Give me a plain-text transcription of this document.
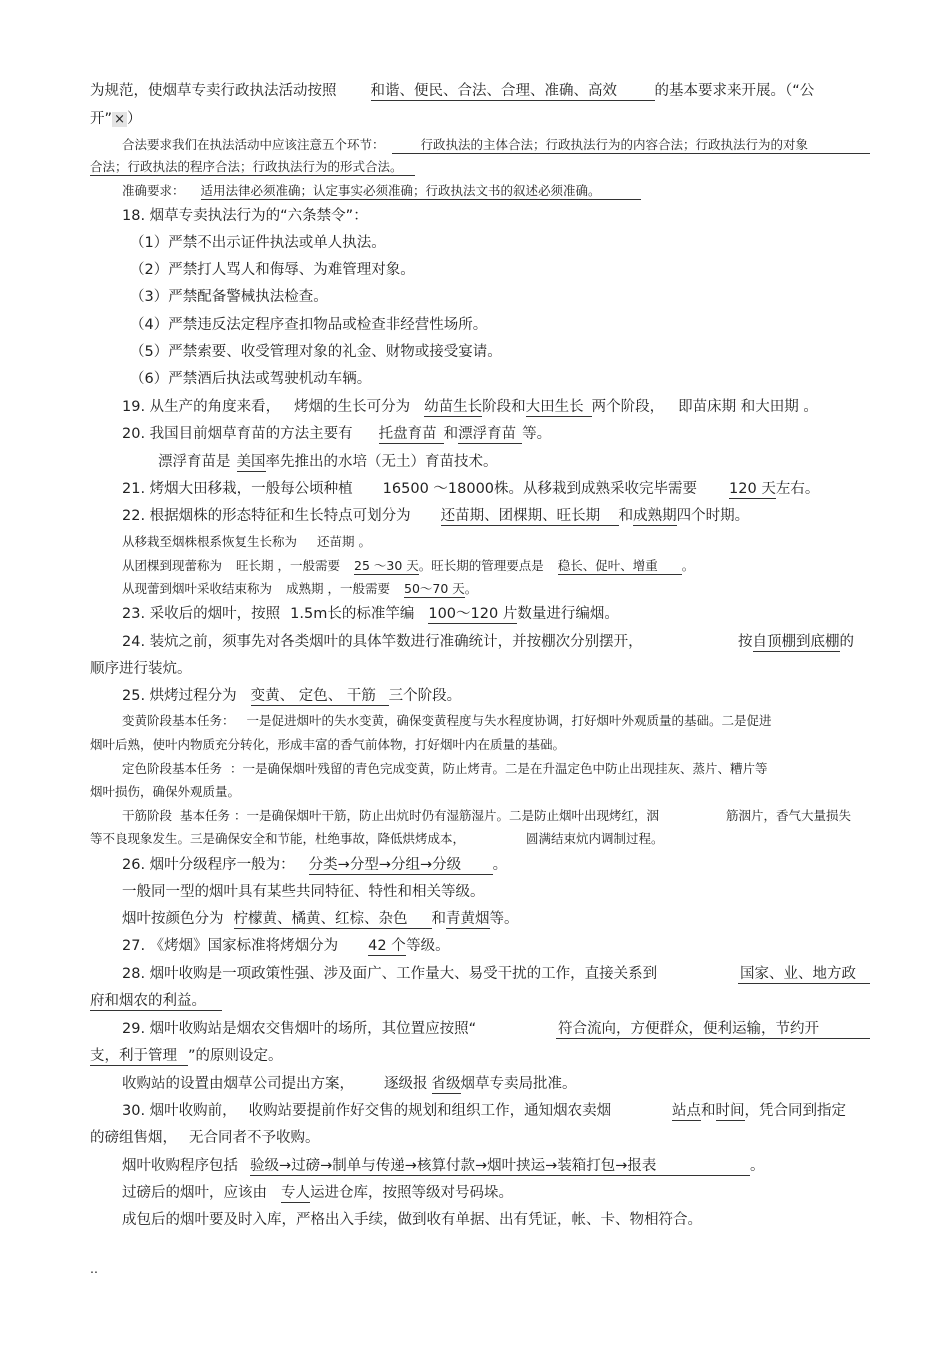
为规范，使烟草专卖行政执法活动按照 和谐、便民、合法、合理、准确、高效	的基本要求来开展。（“公
开” × ）
合法要求我们在执法活动中应该注意五个环节：	行政执法的主体合法；行政执法行为的内容合法；行政执法行为的对象
合法；行政执法的程序合法；行政执法行为的形式合法。
准确要求： 适用法律必须准确；认定事实必须准确；行政执法文书的叙述必须准确。
18. 烟草专卖执法行为的“六条禁令”：
（1）严禁不出示证件执法或单人执法。
（2）严禁打人骂人和侮辱、为难管理对象。
（3）严禁配备警械执法检查。
（4）严禁违反法定程序查扣物品或检查非经营性场所。
（5）严禁索要、收受管理对象的礼金、财物或接受宴请。
（6）严禁酒后执法或驾驶机动车辆。
19. 从生产的角度来看， 烤烟的生长可分为 幼苗生长阶段和大田生长 两个阶段， 即苗床期 和大田期 。
20. 我国目前烟草育苗的方法主要有 托盘育苗 和漂浮育苗 等。
漂浮育苗是 美国率先推出的水培（无土）育苗技术。
21. 烤烟大田移栽，一般每公顷种植 16500 ～18000株。从移栽到成熟采收完毕需要 120 天左右。
22. 根据烟株的形态特征和生长特点可划分为 还苗期、团棵期、旺长期 和成熟期四个时期。
从移栽至烟株根系恢复生长称为 还苗期 。
从团棵到现蕾称为 旺长期 ，一般需要 25 ～30 天。旺长期的管理要点是 稳长、促叶、增重 。
从现蕾到烟叶采收结束称为 成熟期 ，一般需要 50～70 天。
23. 采收后的烟叶，按照 1.5m长的标准竿编 100～120 片数量进行编烟。
24. 装炕之前，须事先对各类烟叶的具体竿数进行准确统计，并按棚次分别摆开，	按自顶棚到底棚的
顺序进行装炕。
25. 烘烤过程分为 变黄、 定色、 干筋 三个阶段。
变黄阶段基本任务： 一是促进烟叶的失水变黄，确保变黄程度与失水程度协调，打好烟叶外观质量的基础。二是促进
烟叶后熟，使叶内物质充分转化，形成丰富的香气前体物，打好烟叶内在质量的基础。
定色阶段基本任务 ：一是确保烟叶残留的青色完成变黄，防止烤青。二是在升温定色中防止出现挂灰、蒸片、糟片等
烟叶损伤，确保外观质量。
干筋阶段 基本任务 ：一是确保烟叶干筋，防止出炕时仍有湿筋湿片。二是防止烟叶出现烤红，洇	筋洇片，香气大量损失
等不良现象发生。三是确保安全和节能，杜绝事故，降低烘烤成本，	圆满结束炕内调制过程。
26. 烟叶分级程序一般为： 分类→分型→分组→分级 。
一般同一型的烟叶具有某些共同特征、特性和相关等级。
烟叶按颜色分为 柠檬黄、橘黄、红棕、杂色 和青黄烟等。
27. 《烤烟》国家标准将烤烟分为 42 个等级。
28. 烟叶收购是一项政策性强、涉及面广、工作量大、易受干扰的工作，直接关系到	国家、业、地方政
府和烟农的利益。
29. 烟叶收购站是烟农交售烟叶的场所，其位置应按照“	符合流向，方便群众，便利运输，节约开
支，利于管理 ”的原则设定。
收购站的设置由烟草公司提出方案， 逐级报 省级烟草专卖局批准。
30. 烟叶收购前， 收购站要提前作好交售的规划和组织工作，通知烟农卖烟	站点和时间，凭合同到指定
的磅组售烟， 无合同者不予收购。
烟叶收购程序包括 验级→过磅→制单与传递→核算付款→烟叶挟运→装箱打包→报表	。
过磅后的烟叶，应该由 专人运进仓库，按照等级对号码垛。
成包后的烟叶要及时入库，严格出入手续，做到收有单据、出有凭证，帐、卡、物相符合。
..
